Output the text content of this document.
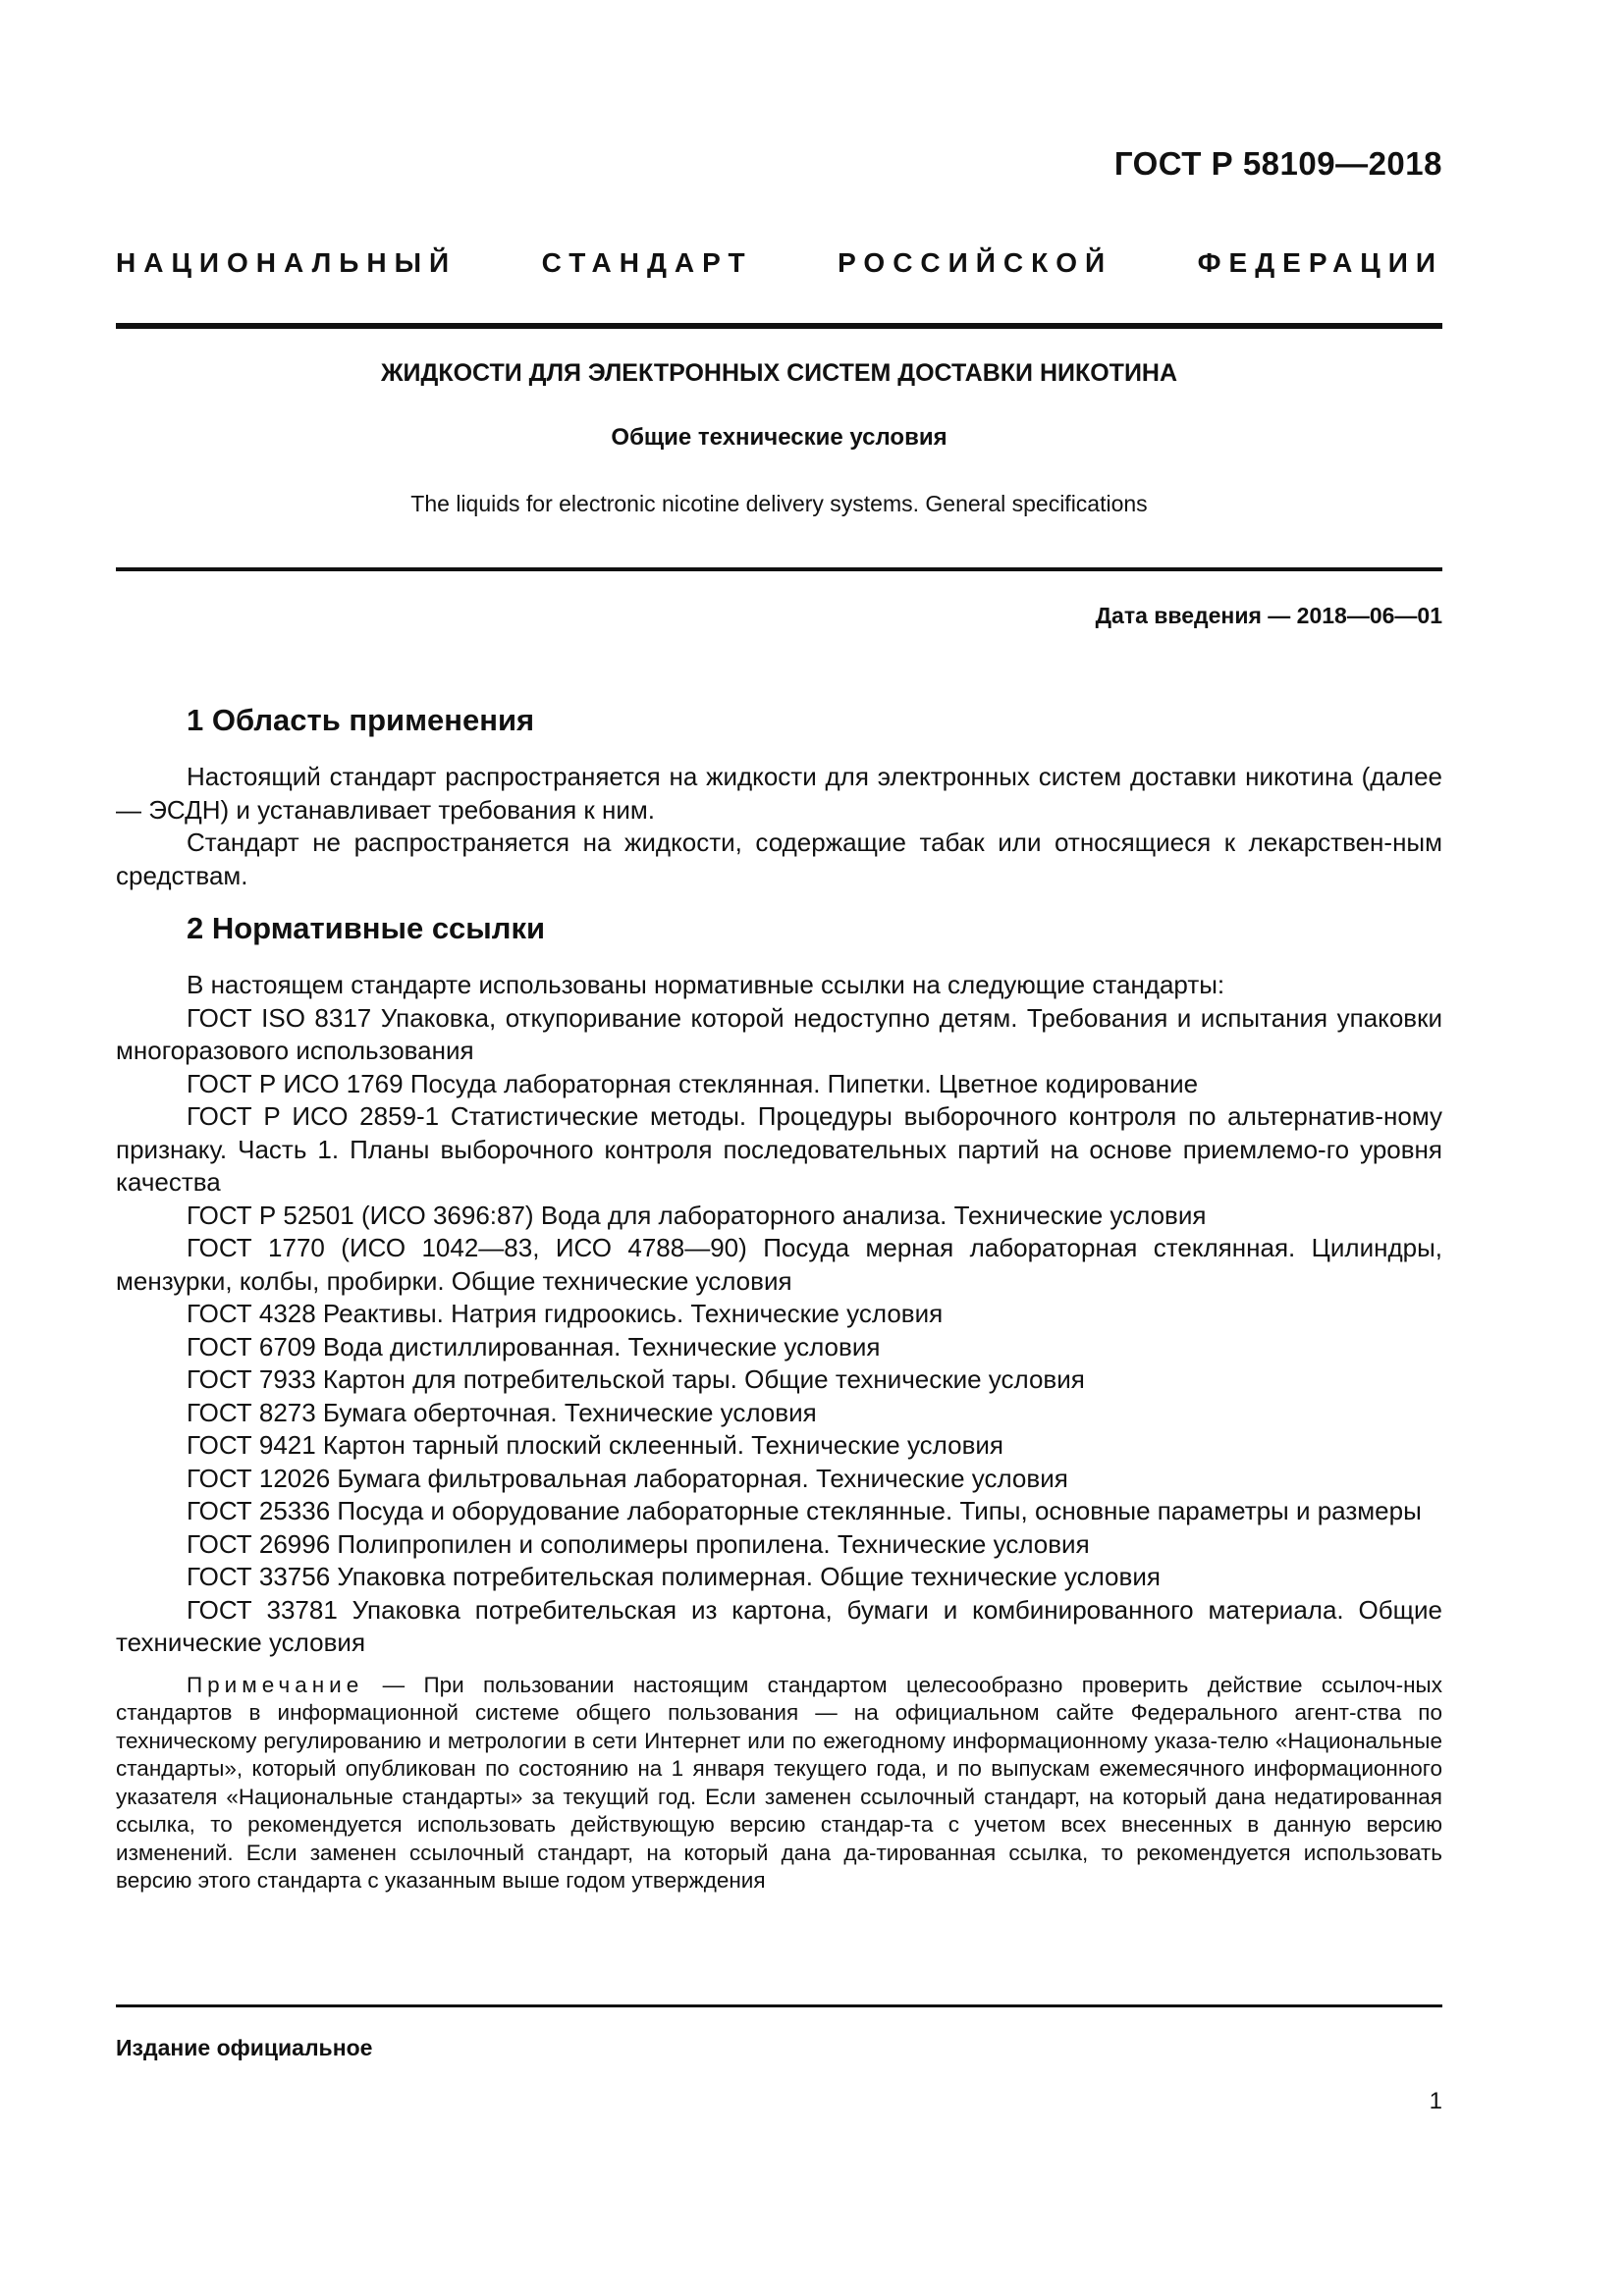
ГОСТ Р 58109—2018
НАЦИОНАЛЬНЫЙ СТАНДАРТ РОССИЙСКОЙ ФЕДЕРАЦИИ
ЖИДКОСТИ ДЛЯ ЭЛЕКТРОННЫХ СИСТЕМ ДОСТАВКИ НИКОТИНА
Общие технические условия
The liquids for electronic nicotine delivery systems. General specifications
Дата введения — 2018—06—01
1 Область применения

Настоящий стандарт распространяется на жидкости для электронных систем доставки никотина (далее — ЭСДН) и устанавливает требования к ним.

Стандарт не распространяется на жидкости, содержащие табак или относящиеся к лекарствен-ным средствам.

2 Нормативные ссылки

В настоящем стандарте использованы нормативные ссылки на следующие стандарты:

ГОСТ ISO 8317 Упаковка, откупоривание которой недоступно детям. Требования и испытания упаковки многоразового использования

ГОСТ Р ИСО 1769 Посуда лабораторная стеклянная. Пипетки. Цветное кодирование

ГОСТ Р ИСО 2859-1 Статистические методы. Процедуры выборочного контроля по альтернатив-ному признаку. Часть 1. Планы выборочного контроля последовательных партий на основе приемлемо-го уровня качества

ГОСТ Р 52501 (ИСО 3696:87) Вода для лабораторного анализа. Технические условия

ГОСТ 1770 (ИСО 1042—83, ИСО 4788—90) Посуда мерная лабораторная стеклянная. Цилиндры, мензурки, колбы, пробирки. Общие технические условия

ГОСТ 4328 Реактивы. Натрия гидроокись. Технические условия

ГОСТ 6709 Вода дистиллированная. Технические условия

ГОСТ 7933 Картон для потребительской тары. Общие технические условия

ГОСТ 8273 Бумага оберточная. Технические условия

ГОСТ 9421 Картон тарный плоский склеенный. Технические условия

ГОСТ 12026 Бумага фильтровальная лабораторная. Технические условия

ГОСТ 25336 Посуда и оборудование лабораторные стеклянные. Типы, основные параметры и размеры

ГОСТ 26996 Полипропилен и сополимеры пропилена. Технические условия

ГОСТ 33756 Упаковка потребительская полимерная. Общие технические условия

ГОСТ 33781 Упаковка потребительская из картона, бумаги и комбинированного материала. Общие технические условия

Примечание — При пользовании настоящим стандартом целесообразно проверить действие ссылоч-ных стандартов в информационной системе общего пользования — на официальном сайте Федерального агент-ства по техническому регулированию и метрологии в сети Интернет или по ежегодному информационному указа-телю «Национальные стандарты», который опубликован по состоянию на 1 января текущего года, и по выпускам ежемесячного информационного указателя «Национальные стандарты» за текущий год. Если заменен ссылочный стандарт, на который дана недатированная ссылка, то рекомендуется использовать действующую версию стандар-та с учетом всех внесенных в данную версию изменений. Если заменен ссылочный стандарт, на который дана да-тированная ссылка, то рекомендуется использовать версию этого стандарта с указанным выше годом утверждения
Издание официальное
1
